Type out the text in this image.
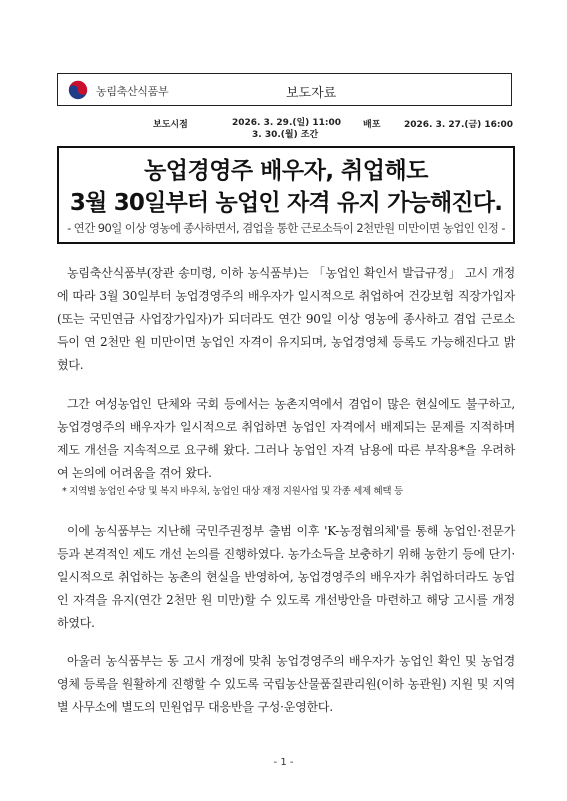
농림축산식품부	보도자료
보도시점	2026. 3. 29.(일) 11:00
3. 30.(월) 조간
배포	2026. 3. 27.(금) 16:00
농업경영주 배우자, 취업해도
3월 30일부터 농업인 자격 유지 가능해진다.
- 연간 90일 이상 영농에 종사하면서, 겸업을 통한 근로소득이 2천만원 미만이면 농업인 인정 -
농림축산식품부(장관 송미령, 이하 농식품부)는 「농업인 확인서 발급규정」 고시 개정에 따라 3월 30일부터 농업경영주의 배우자가 일시적으로 취업하여 건강보험 직장가입자(또는 국민연금 사업장가입자)가 되더라도 연간 90일 이상 영농에 종사하고 겸업 근로소득이 연 2천만 원 미만이면 농업인 자격이 유지되며, 농업경영체 등록도 가능해진다고 밝혔다.
그간 여성농업인 단체와 국회 등에서는 농촌지역에서 겸업이 많은 현실에도 불구하고, 농업경영주의 배우자가 일시적으로 취업하면 농업인 자격에서 배제되는 문제를 지적하며 제도 개선을 지속적으로 요구해 왔다. 그러나 농업인 자격 남용에 따른 부작용*을 우려하여 논의에 어려움을 겪어 왔다.
* 지역별 농업인 수당 및 복지 바우처, 농업인 대상 재정 지원사업 및 각종 세제 혜택 등
이에 농식품부는 지난해 국민주권정부 출범 이후 'K-농정협의체'를 통해 농업인·전문가 등과 본격적인 제도 개선 논의를 진행하였다. 농가소득을 보충하기 위해 농한기 등에 단기·일시적으로 취업하는 농촌의 현실을 반영하여, 농업경영주의 배우자가 취업하더라도 농업인 자격을 유지(연간 2천만 원 미만)할 수 있도록 개선방안을 마련하고 해당 고시를 개정하였다.
아울러 농식품부는 동 고시 개정에 맞춰 농업경영주의 배우자가 농업인 확인 및 농업경영체 등록을 원활하게 진행할 수 있도록 국립농산물품질관리원(이하 농관원) 지원 및 지역별 사무소에 별도의 민원업무 대응반을 구성·운영한다.
- 1 -
